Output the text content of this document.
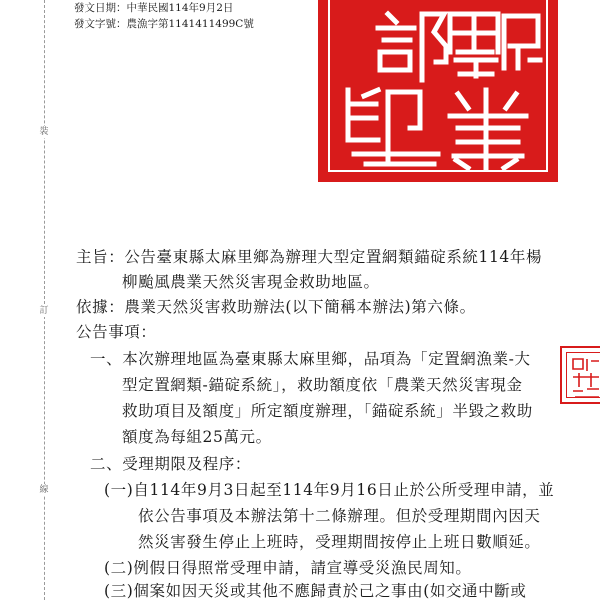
裝
訂
線
發文日期：中華民國114年9月2日
發文字號：農漁字第1141411499C號
主旨：公告臺東縣太麻里鄉為辦理大型定置網類錨碇系統114年楊
柳颱風農業天然災害現金救助地區。
依據：農業天然災害救助辦法(以下簡稱本辦法)第六條。
公告事項：
一、本次辦理地區為臺東縣太麻里鄉，品項為「定置網漁業-大
型定置網類-錨碇系統」，救助額度依「農業天然災害現金
救助項目及額度」所定額度辦理，「錨碇系統」半毀之救助
額度為每組25萬元。
二、受理期限及程序：
(一)自114年9月3日起至114年9月16日止於公所受理申請，並
依公告事項及本辦法第十二條辦理。但於受理期間內因天
然災害發生停止上班時，受理期間按停止上班日數順延。
(二)例假日得照常受理申請，請宣導受災漁民周知。
(三)個案如因天災或其他不應歸責於己之事由(如交通中斷或
